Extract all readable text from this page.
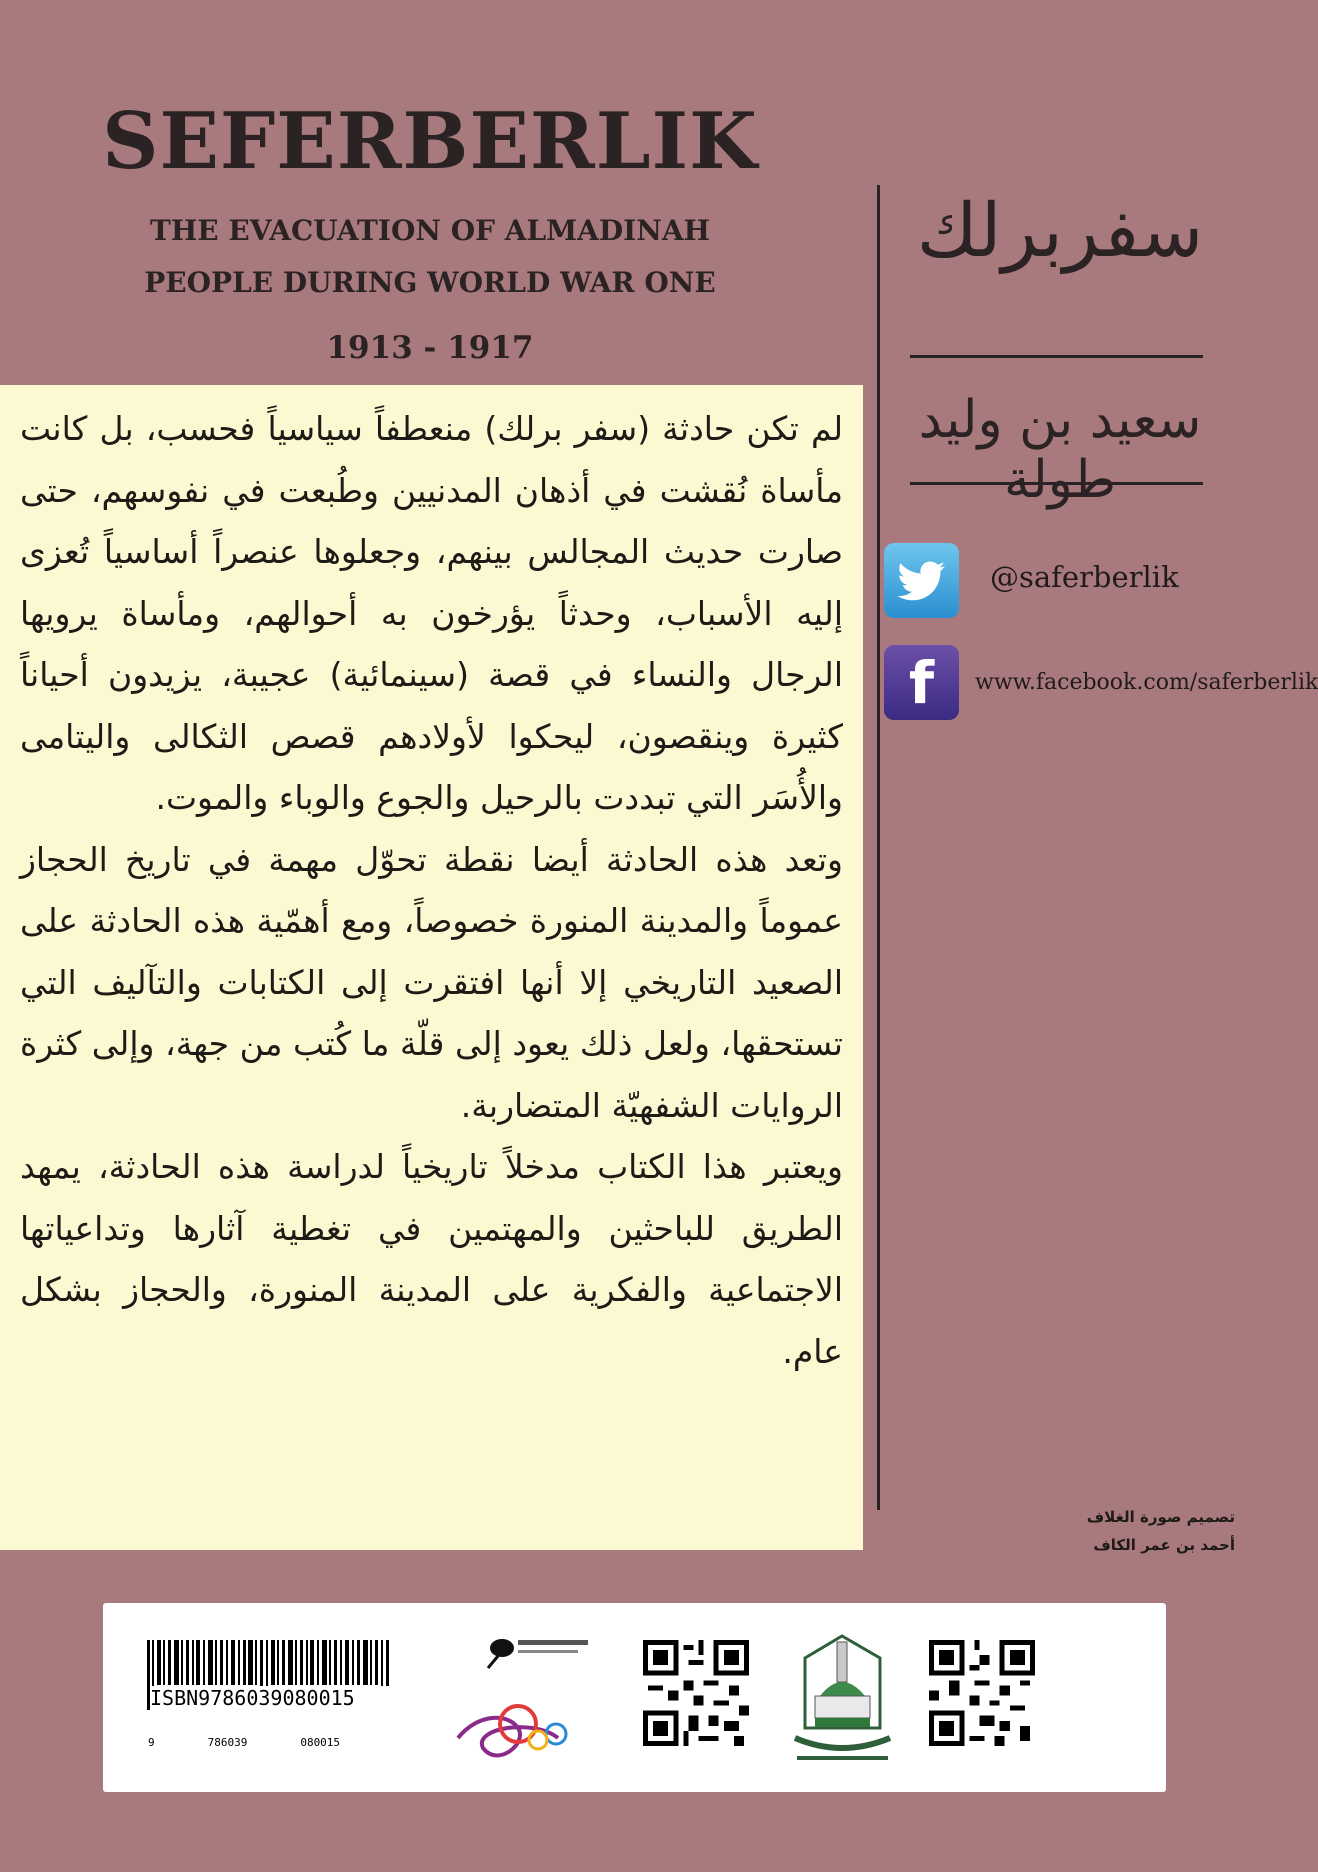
SEFERBERLIK
THE EVACUATION OF ALMADINAH
PEOPLE DURING WORLD WAR ONE
1913 - 1917
سفربرلك
سعيد بن وليد طولة
@saferberlik
f	www.facebook.com/saferberlik

لم تكن حادثة (سفر برلك) منعطفاً سياسياً فحسب، بل كانت مأساة نُقشت في أذهان المدنيين وطُبعت في نفوسهم، حتى صارت حديث المجالس بينهم، وجعلوها عنصراً أساسياً تُعزى إليه الأسباب، وحدثاً يؤرخون به أحوالهم، ومأساة يرويها الرجال والنساء في قصة (سينمائية) عجيبة، يزيدون أحياناً كثيرة وينقصون، ليحكوا لأولادهم قصص الثكالى واليتامى والأُسَر التي تبددت بالرحيل والجوع والوباء والموت.

وتعد هذه الحادثة أيضا نقطة تحوّل مهمة في تاريخ الحجاز عموماً والمدينة المنورة خصوصاً، ومع أهمّية هذه الحادثة على الصعيد التاريخي إلا أنها افتقرت إلى الكتابات والتآليف التي تستحقها، ولعل ذلك يعود إلى قلّة ما كُتب من جهة، وإلى كثرة الروايات الشفهيّة المتضاربة.

ويعتبر هذا الكتاب مدخلاً تاريخياً لدراسة هذه الحادثة، يمهد الطريق للباحثين والمهتمين في تغطية آثارها وتداعياتها الاجتماعية والفكرية على المدينة المنورة، والحجاز بشكل عام.

تصميم صورة الغلاف
أحمد بن عمر الكاف
ISBN9786039080015
9        786039        080015
